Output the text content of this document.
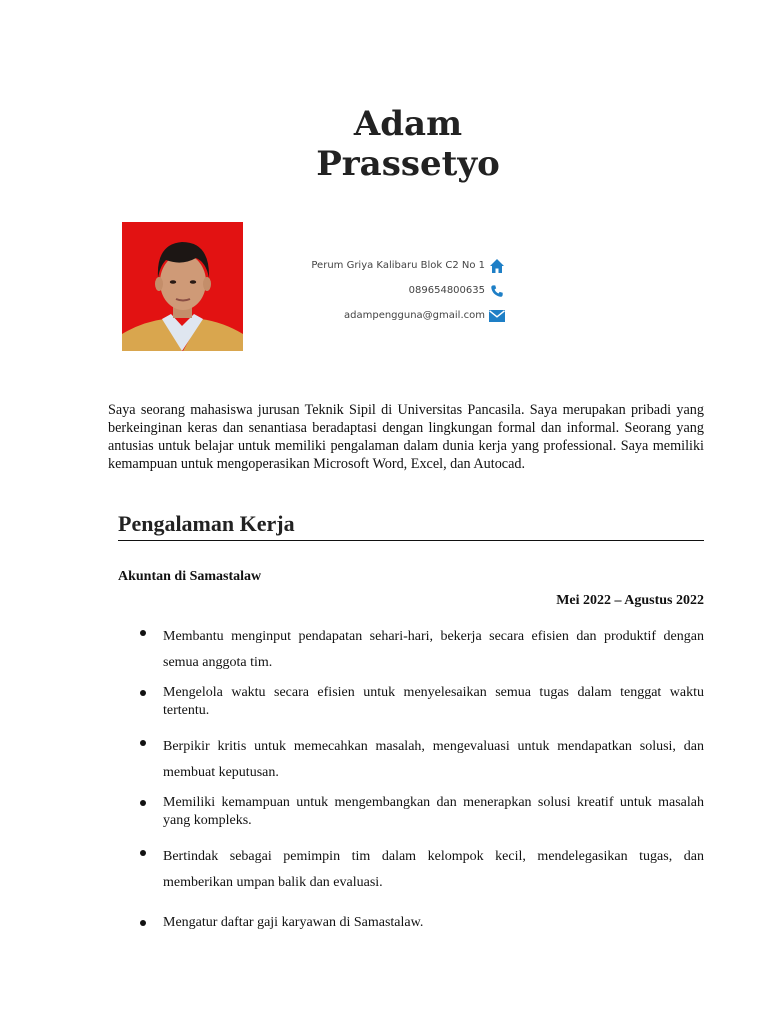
Adam
Prassetyo
Perum Griya Kalibaru Blok C2 No 1
089654800635
adampengguna@gmail.com
Saya seorang mahasiswa jurusan Teknik Sipil di Universitas Pancasila. Saya merupakan pribadi yang berkeinginan keras dan senantiasa beradaptasi dengan lingkungan formal dan informal. Seorang yang antusias untuk belajar untuk memiliki pengalaman dalam dunia kerja yang professional. Saya memiliki kemampuan untuk mengoperasikan Microsoft Word, Excel, dan Autocad.
Pengalaman Kerja
Akuntan di Samastalaw
Mei 2022 – Agustus 2022
Membantu menginput pendapatan sehari-hari, bekerja secara efisien dan produktif dengan semua anggota tim.
Mengelola waktu secara efisien untuk menyelesaikan semua tugas dalam tenggat waktu tertentu.
Berpikir kritis untuk memecahkan masalah, mengevaluasi untuk mendapatkan solusi, dan membuat keputusan.
Memiliki kemampuan untuk mengembangkan dan menerapkan solusi kreatif untuk masalah yang kompleks.
Bertindak sebagai pemimpin tim dalam kelompok kecil, mendelegasikan tugas, dan memberikan umpan balik dan evaluasi.
Mengatur daftar gaji karyawan di Samastalaw.
